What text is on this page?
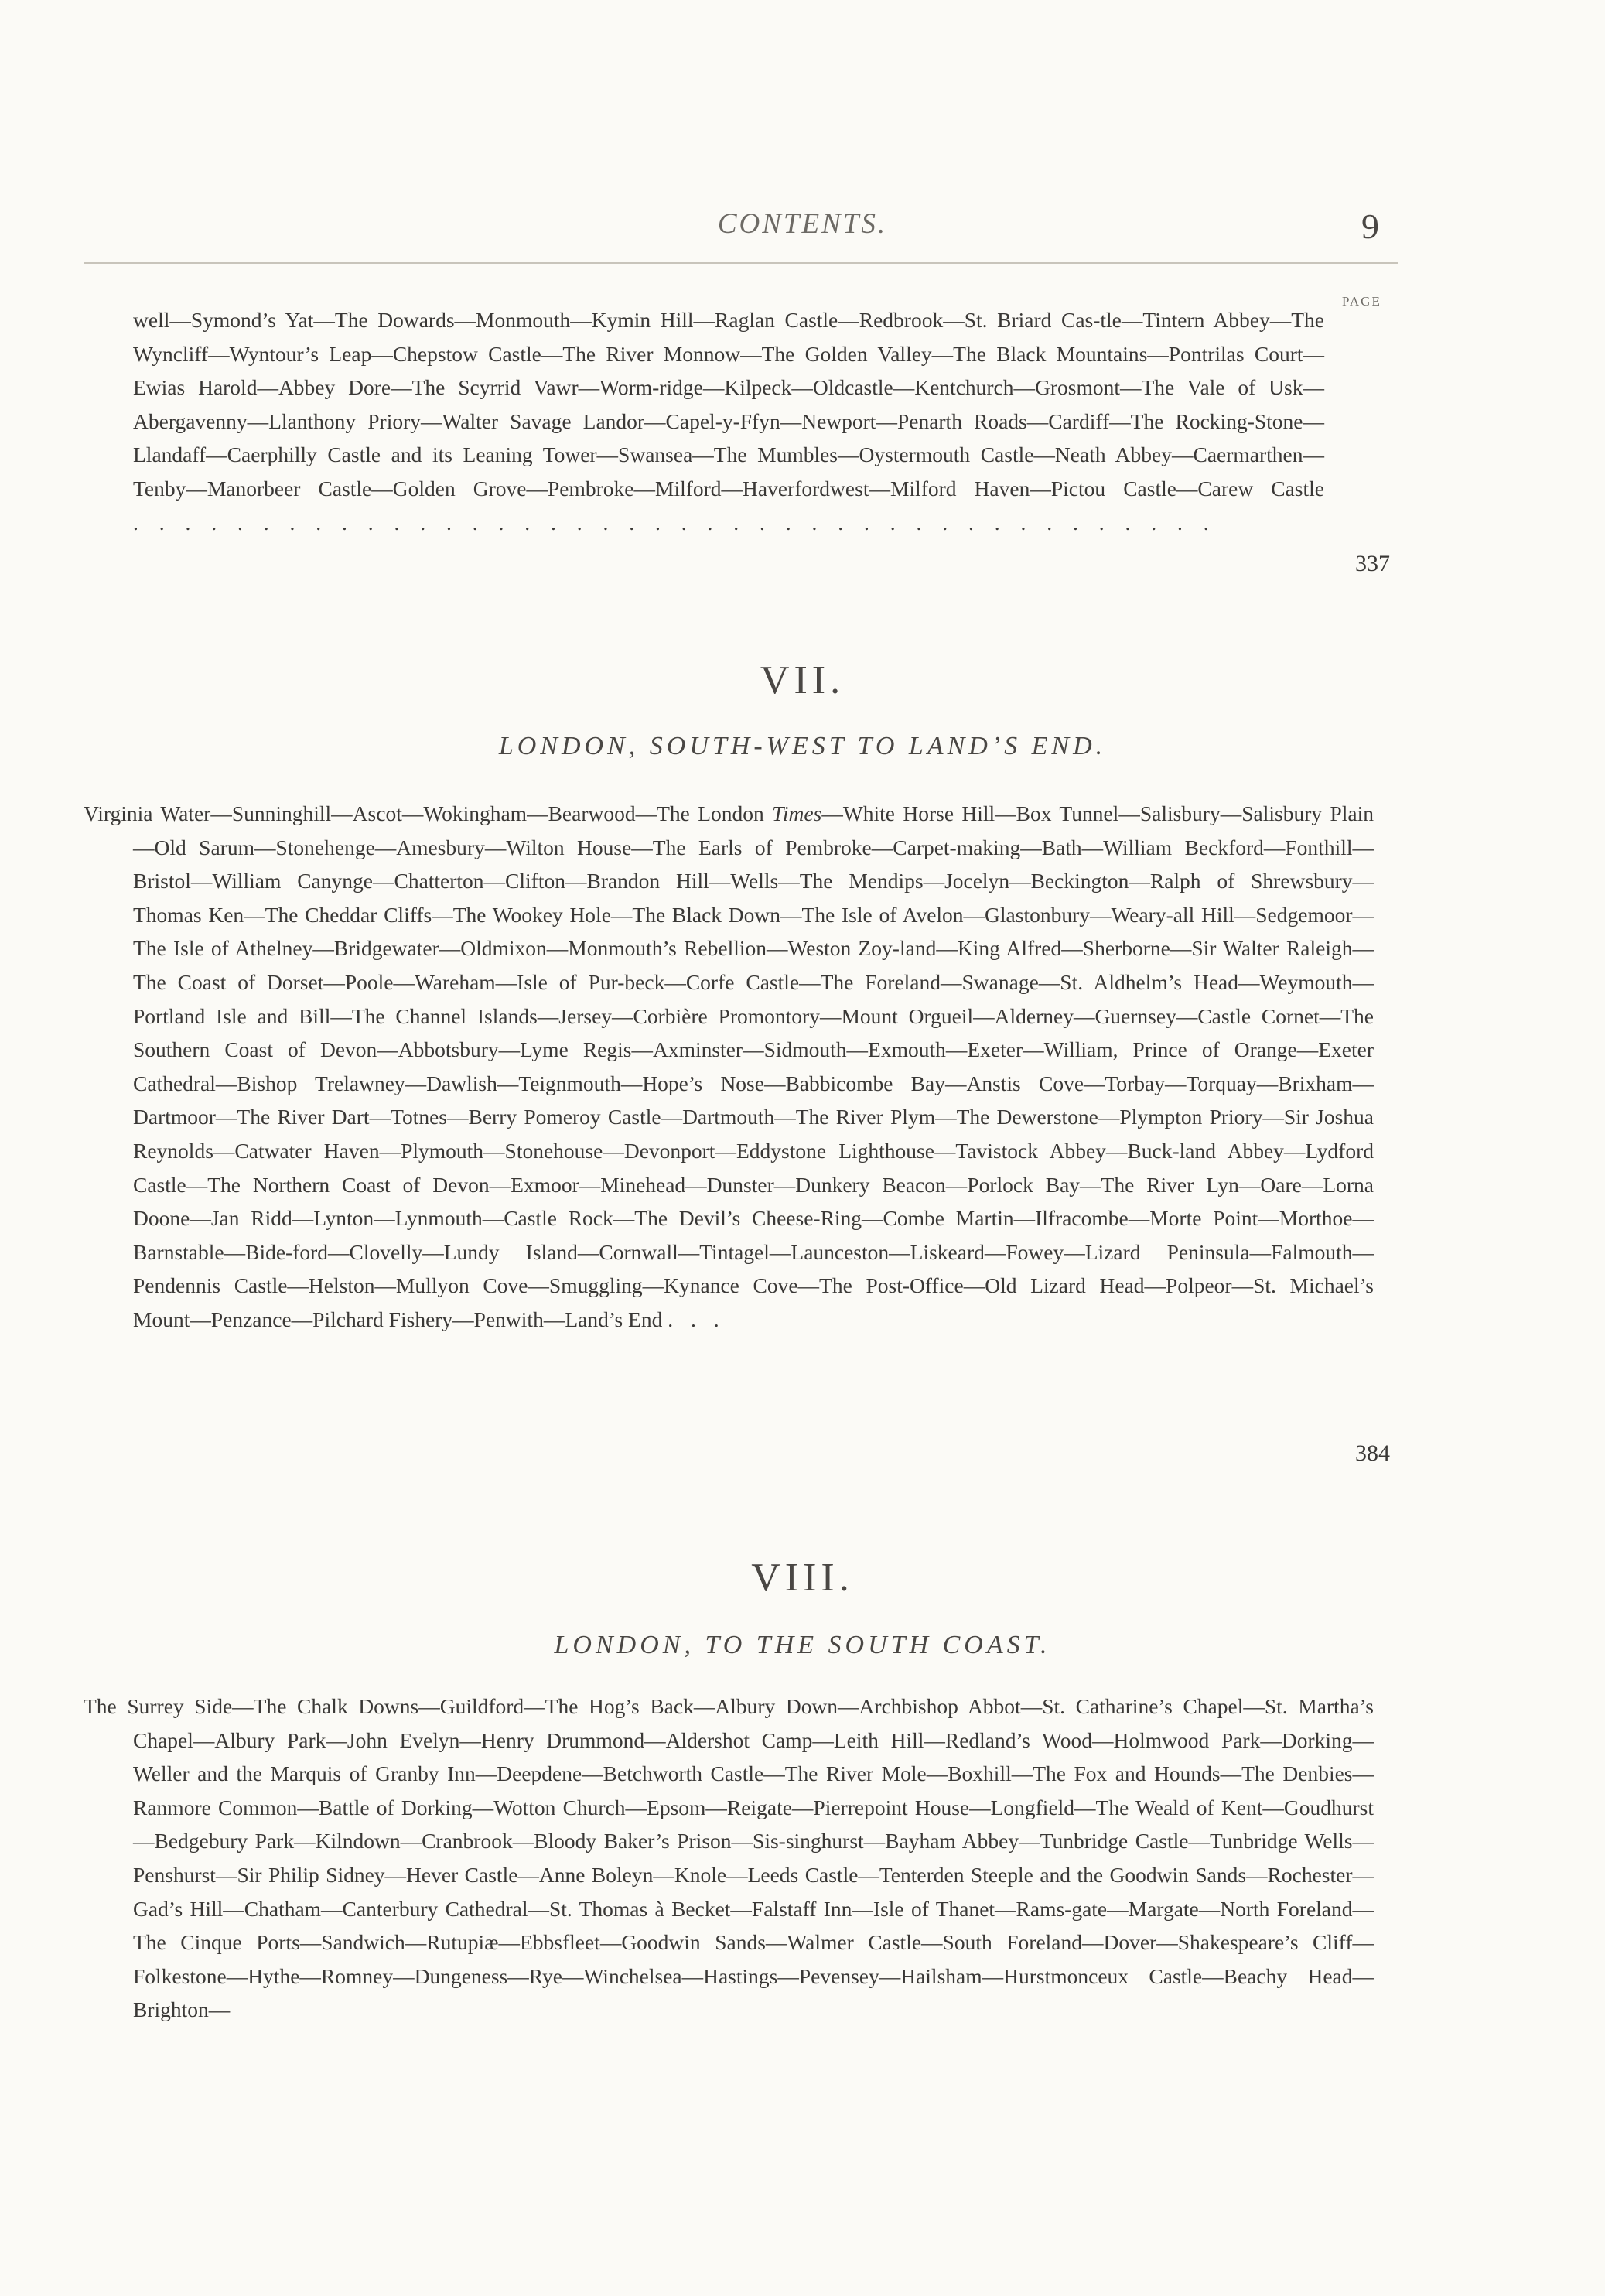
CONTENTS.	9
PAGE
well—Symond’s Yat—The Dowards—Monmouth—Kymin Hill—Raglan Castle—Redbrook—St. Briard Cas-tle—Tintern Abbey—The Wyncliff—Wyntour’s Leap—Chepstow Castle—The River Monnow—The Golden Valley—The Black Mountains—Pontrilas Court—Ewias Harold—Abbey Dore—The Scyrrid Vawr—Worm-ridge—Kilpeck—Oldcastle—Kentchurch—Grosmont—The Vale of Usk—Abergavenny—Llanthony Priory—Walter Savage Landor—Capel-y-Ffyn—Newport—Penarth Roads—Cardiff—The Rocking-Stone—Llandaff—Caerphilly Castle and its Leaning Tower—Swansea—The Mumbles—Oystermouth Castle—Neath Abbey—Caermarthen—Tenby—Manorbeer Castle—Golden Grove—Pembroke—Milford—Haverfordwest—Milford Haven—Pictou Castle—Carew Castle . . . . . . . . . . . . . . . . . . . . . . . . . . . . . . . . . . . . . . . . . .
337
VII.
LONDON, SOUTH-WEST TO LAND’S END.
Virginia Water—Sunninghill—Ascot—Wokingham—Bearwood—The London Times—White Horse Hill—Box Tunnel—Salisbury—Salisbury Plain—Old Sarum—Stonehenge—Amesbury—Wilton House—The Earls of Pembroke—Carpet-making—Bath—William Beckford—Fonthill—Bristol—William Canynge—Chatterton—Clifton—Brandon Hill—Wells—The Mendips—Jocelyn—Beckington—Ralph of Shrewsbury—Thomas Ken—The Cheddar Cliffs—The Wookey Hole—The Black Down—The Isle of Avelon—Glastonbury—Weary-all Hill—Sedgemoor—The Isle of Athelney—Bridgewater—Oldmixon—Monmouth’s Rebellion—Weston Zoy-land—King Alfred—Sherborne—Sir Walter Raleigh—The Coast of Dorset—Poole—Wareham—Isle of Pur-beck—Corfe Castle—The Foreland—Swanage—St. Aldhelm’s Head—Weymouth—Portland Isle and Bill—The Channel Islands—Jersey—Corbière Promontory—Mount Orgueil—Alderney—Guernsey—Castle Cornet—The Southern Coast of Devon—Abbotsbury—Lyme Regis—Axminster—Sidmouth—Exmouth—Exeter—William, Prince of Orange—Exeter Cathedral—Bishop Trelawney—Dawlish—Teignmouth—Hope’s Nose—Babbicombe Bay—Anstis Cove—Torbay—Torquay—Brixham—Dartmoor—The River Dart—Totnes—Berry Pomeroy Castle—Dartmouth—The River Plym—The Dewerstone—Plympton Priory—Sir Joshua Reynolds—Catwater Haven—Plymouth—Stonehouse—Devonport—Eddystone Lighthouse—Tavistock Abbey—Buck-land Abbey—Lydford Castle—The Northern Coast of Devon—Exmoor—Minehead—Dunster—Dunkery Beacon—Porlock Bay—The River Lyn—Oare—Lorna Doone—Jan Ridd—Lynton—Lynmouth—Castle Rock—The Devil’s Cheese-Ring—Combe Martin—Ilfracombe—Morte Point—Morthoe—Barnstable—Bide-ford—Clovelly—Lundy Island—Cornwall—Tintagel—Launceston—Liskeard—Fowey—Lizard Peninsula—Falmouth—Pendennis Castle—Helston—Mullyon Cove—Smuggling—Kynance Cove—The Post-Office—Old Lizard Head—Polpeor—St. Michael’s Mount—Penzance—Pilchard Fishery—Penwith—Land’s End . . .
384
VIII.
LONDON, TO THE SOUTH COAST.
The Surrey Side—The Chalk Downs—Guildford—The Hog’s Back—Albury Down—Archbishop Abbot—St. Catharine’s Chapel—St. Martha’s Chapel—Albury Park—John Evelyn—Henry Drummond—Aldershot Camp—Leith Hill—Redland’s Wood—Holmwood Park—Dorking—Weller and the Marquis of Granby Inn—Deepdene—Betchworth Castle—The River Mole—Boxhill—The Fox and Hounds—The Denbies—Ranmore Common—Battle of Dorking—Wotton Church—Epsom—Reigate—Pierrepoint House—Longfield—The Weald of Kent—Goudhurst—Bedgebury Park—Kilndown—Cranbrook—Bloody Baker’s Prison—Sis-singhurst—Bayham Abbey—Tunbridge Castle—Tunbridge Wells—Penshurst—Sir Philip Sidney—Hever Castle—Anne Boleyn—Knole—Leeds Castle—Tenterden Steeple and the Goodwin Sands—Rochester—Gad’s Hill—Chatham—Canterbury Cathedral—St. Thomas à Becket—Falstaff Inn—Isle of Thanet—Rams-gate—Margate—North Foreland—The Cinque Ports—Sandwich—Rutupiæ—Ebbsfleet—Goodwin Sands—Walmer Castle—South Foreland—Dover—Shakespeare’s Cliff—Folkestone—Hythe—Romney—Dungeness—Rye—Winchelsea—Hastings—Pevensey—Hailsham—Hurstmonceux Castle—Beachy Head—Brighton—
